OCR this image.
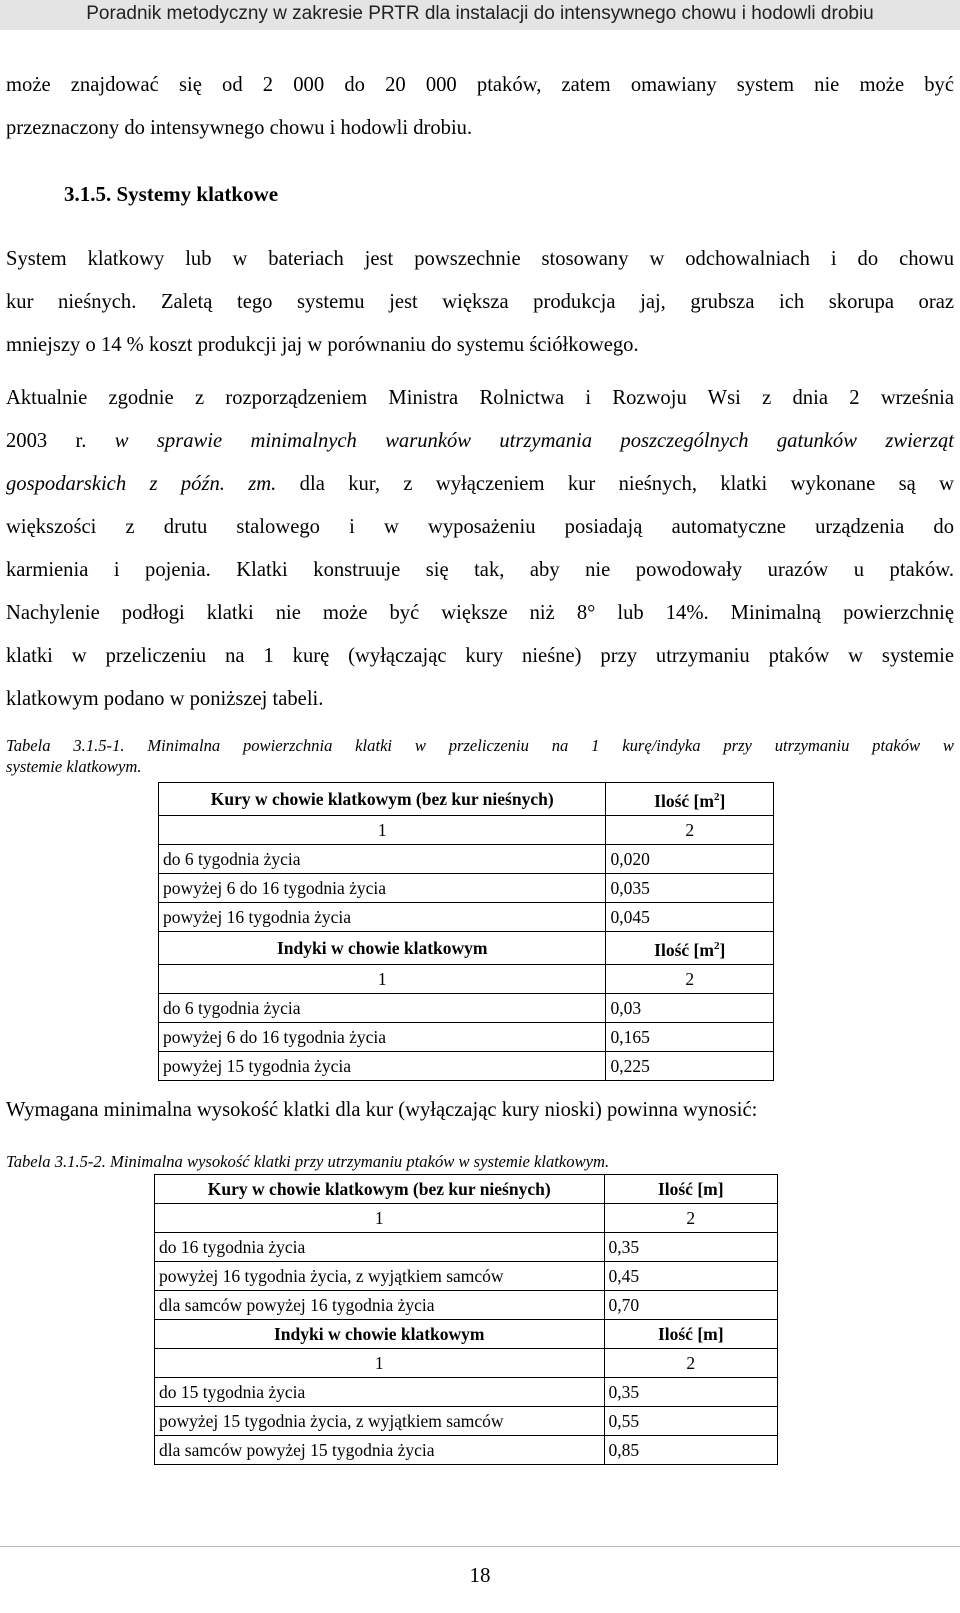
Poradnik metodyczny w zakresie PRTR dla instalacji do intensywnego chowu i hodowli drobiu

może znajdować się od 2 000 do 20 000 ptaków, zatem omawiany system nie może być

przeznaczony do intensywnego chowu i hodowli drobiu.

3.1.5. Systemy klatkowe

System klatkowy lub w bateriach jest powszechnie stosowany w odchowalniach i do chowu

kur nieśnych. Zaletą tego systemu jest większa produkcja jaj, grubsza ich skorupa oraz

mniejszy o 14 % koszt produkcji jaj w porównaniu do systemu ściółkowego.

Aktualnie zgodnie z rozporządzeniem Ministra Rolnictwa i Rozwoju Wsi z dnia 2 września

2003 r. w sprawie minimalnych warunków utrzymania poszczególnych gatunków zwierząt

gospodarskich z późn. zm. dla kur, z wyłączeniem kur nieśnych, klatki wykonane są w

większości z drutu stalowego i w wyposażeniu posiadają automatyczne urządzenia do

karmienia i pojenia. Klatki konstruuje się tak, aby nie powodowały urazów u ptaków.

Nachylenie podłogi klatki nie może być większe niż 8° lub 14%. Minimalną powierzchnię

klatki w przeliczeniu na 1 kurę (wyłączając kury nieśne) przy utrzymaniu ptaków w systemie

klatkowym podano w poniższej tabeli.

Tabela 3.1.5-1. Minimalna powierzchnia klatki w przeliczeniu na 1 kurę/indyka przy utrzymaniu ptaków w

systemie klatkowym.

Kury w chowie klatkowym (bez kur nieśnych)	Ilość $[m^2]$
1	2
do 6 tygodnia życia	0,020
powyżej 6 do 16 tygodnia życia	0,035
powyżej 16 tygodnia życia	0,045
Indyki w chowie klatkowym	Ilość $[m^2]$
1	2
do 6 tygodnia życia	0,03
powyżej 6 do 16 tygodnia życia	0,165
powyżej 15 tygodnia życia	0,225

Wymagana minimalna wysokość klatki dla kur (wyłączając kury nioski) powinna wynosić:

Tabela 3.1.5-2. Minimalna wysokość klatki przy utrzymaniu ptaków w systemie klatkowym.

Kury w chowie klatkowym (bez kur nieśnych)	Ilość [m]
1	2
do 16 tygodnia życia	0,35
powyżej 16 tygodnia życia, z wyjątkiem samców	0,45
dla samców powyżej 16 tygodnia życia	0,70
Indyki w chowie klatkowym	Ilość [m]
1	2
do 15 tygodnia życia	0,35
powyżej 15 tygodnia życia, z wyjątkiem samców	0,55
dla samców powyżej 15 tygodnia życia	0,85
18
